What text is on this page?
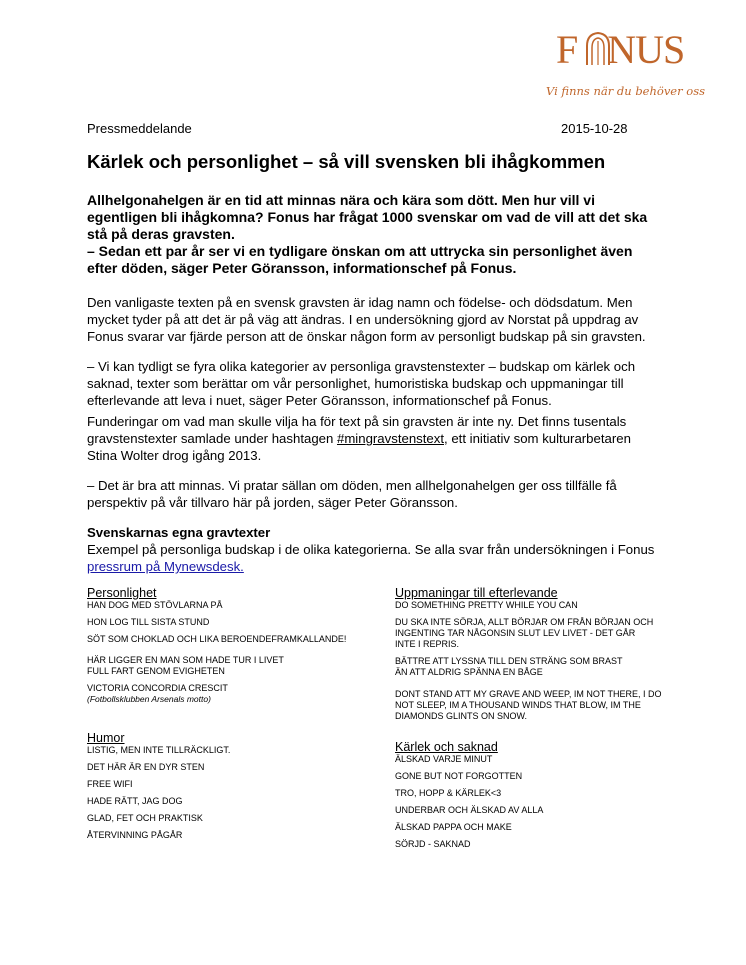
F NUS
Vi finns när du behöver oss
Pressmeddelande	2015-10-28
Kärlek och personlighet – så vill svensken bli ihågkommen
Allhelgonahelgen är en tid att minnas nära och kära som dött. Men hur vill vi egentligen bli ihågkomna? Fonus har frågat 1000 svenskar om vad de vill att det ska stå på deras gravsten.
– Sedan ett par år ser vi en tydligare önskan om att uttrycka sin personlighet även efter döden, säger Peter Göransson, informationschef på Fonus.

Den vanligaste texten på en svensk gravsten är idag namn och födelse- och dödsdatum. Men mycket tyder på att det är på väg att ändras. I en undersökning gjord av Norstat på uppdrag av Fonus svarar var fjärde person att de önskar någon form av personligt budskap på sin gravsten.

– Vi kan tydligt se fyra olika kategorier av personliga gravstenstexter – budskap om kärlek och saknad, texter som berättar om vår personlighet, humoristiska budskap och uppmaningar till efterlevande att leva i nuet, säger Peter Göransson, informationschef på Fonus.

Funderingar om vad man skulle vilja ha för text på sin gravsten är inte ny. Det finns tusentals gravstenstexter samlade under hashtagen #mingravstenstext, ett initiativ som kulturarbetaren Stina Wolter drog igång 2013.

– Det är bra att minnas. Vi pratar sällan om döden, men allhelgonahelgen ger oss tillfälle få perspektiv på vår tillvaro här på jorden, säger Peter Göransson.

Svenskarnas egna gravtexter

Exempel på personliga budskap i de olika kategorierna. Se alla svar från undersökningen i Fonus pressrum på Mynewsdesk.

Personlighet
HAN DOG MED STÖVLARNA PÅ
HON LOG TILL SISTA STUND
SÖT SOM CHOKLAD OCH LIKA BEROENDEFRAMKALLANDE!
HÄR LIGGER EN MAN SOM HADE TUR I LIVET FULL FART GENOM EVIGHETEN
VICTORIA CONCORDIA CRESCIT
(Fotbollsklubben Arsenals motto)
Humor
LISTIG, MEN INTE TILLRÄCKLIGT.
DET HÄR ÄR EN DYR STEN
FREE WIFI
HADE RÄTT, JAG DOG
GLAD, FET OCH PRAKTISK
ÅTERVINNING PÅGÅR
Uppmaningar till efterlevande
DO SOMETHING PRETTY WHILE YOU CAN
DU SKA INTE SÖRJA, ALLT BÖRJAR OM FRÅN BÖRJAN OCH INGENTING TAR NÅGONSIN SLUT LEV LIVET - DET GÅR INTE I REPRIS.
BÄTTRE ATT LYSSNA TILL DEN STRÄNG SOM BRAST ÄN ATT ALDRIG SPÄNNA EN BÅGE
DONT STAND ATT MY GRAVE AND WEEP, IM NOT THERE, I DO NOT SLEEP, IM A THOUSAND WINDS THAT BLOW, IM THE DIAMONDS GLINTS ON SNOW.
Kärlek och saknad
ÄLSKAD VARJE MINUT
GONE BUT NOT FORGOTTEN
TRO, HOPP & KÄRLEK<3
UNDERBAR OCH ÄLSKAD AV ALLA
ÄLSKAD PAPPA OCH MAKE
SÖRJD - SAKNAD
